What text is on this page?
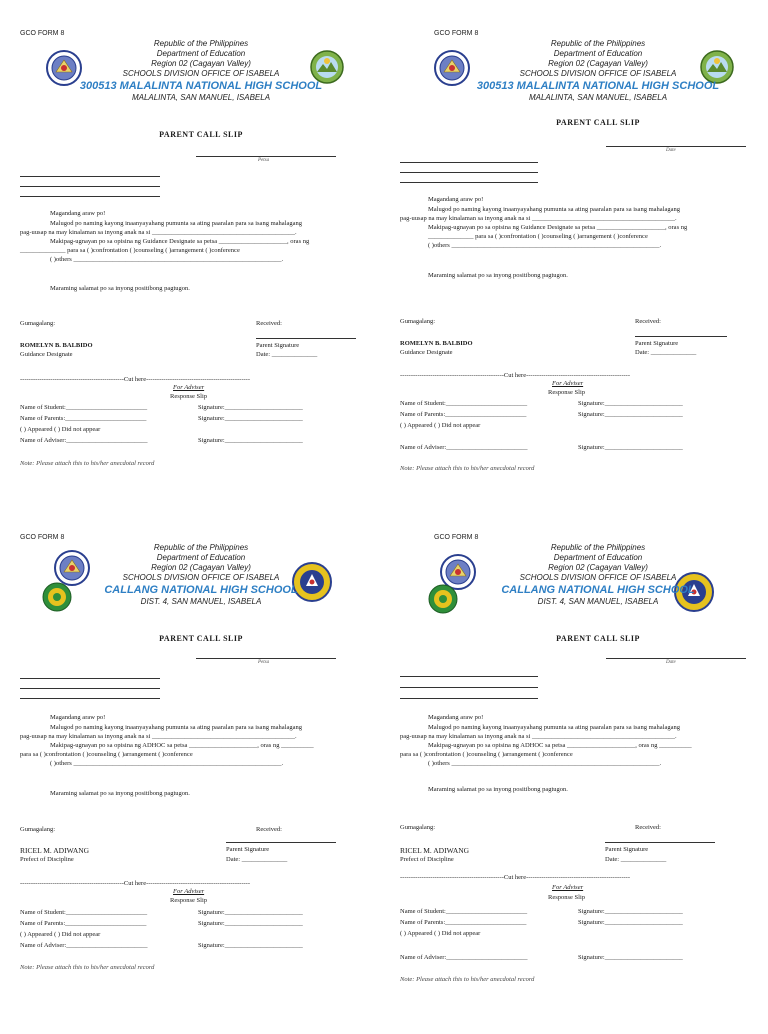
GCO FORM 8
Republic of the Philippines
Department of Education
Region 02 (Cagayan Valley)
SCHOOLS DIVISION OFFICE OF ISABELA
300513 MALALINTA NATIONAL HIGH SCHOOL
MALALINTA, SAN MANUEL, ISABELA
PARENT CALL SLIP
Petsa
Magandang araw po!
Malugod po naming kayong inaanyayahang pumunta sa ating paaralan para sa isang mahalagang
pag-uusap na may kinalaman sa inyong anak na si ____________________________________________.
Makipag-ugnayan po sa opisina ng Guidance Designate sa petsa _____________________, oras ng
______________ para sa ( )confrontation ( )counseling ( )arrangement ( )conference
( )others ________________________________________________________________.
Maraming salamat po sa inyong positibong pagtugon.
Gumagalang:	Received:
ROMELYN B. BALBIDO	Parent Signature
Guidance Designate	Date: ______________
------------------------------------------------Cut here------------------------------------------------
For Adviser
Response Slip
Name of Student:_________________________	Signature:________________________
Name of Parents:_________________________	Signature:________________________
( ) Appeared ( ) Did not appear
Name of Adviser:_________________________	Signature:________________________
Note: Please attach this to his/her anecdotal record
GCO FORM 8
Republic of the Philippines
Department of Education
Region 02 (Cagayan Valley)
SCHOOLS DIVISION OFFICE OF ISABELA
300513 MALALINTA NATIONAL HIGH SCHOOL
MALALINTA, SAN MANUEL, ISABELA
PARENT CALL SLIP
Date
Magandang araw po!
Malugod po naming kayong inaanyayahang pumunta sa ating paaralan para sa isang mahalagang
pag-uusap na may kinalaman sa inyong anak na si ____________________________________________.
Makipag-ugnayan po sa opisina ng Guidance Designate sa petsa _____________________, oras ng
______________ para sa ( )confrontation ( )counseling ( )arrangement ( )conference
( )others ________________________________________________________________.
Maraming salamat po sa inyong positibong pagtugon.
Gumagalang:	Received:
ROMELYN B. BALBIDO	Parent Signature
Guidance Designate	Date: ______________
------------------------------------------------Cut here------------------------------------------------
For Adviser
Response Slip
Name of Student:_________________________	Signature:________________________
Name of Parents:_________________________	Signature:________________________
( ) Appeared ( ) Did not appear
Name of Adviser:_________________________	Signature:________________________
Note: Please attach this to his/her anecdotal record
GCO FORM 8
Republic of the Philippines
Department of Education
Region 02 (Cagayan Valley)
SCHOOLS DIVISION OFFICE OF ISABELA
CALLANG NATIONAL HIGH SCHOOL
DIST. 4, SAN MANUEL, ISABELA
PARENT CALL SLIP
Petsa
Magandang araw po!
Malugod po naming kayong inaanyayahang pumunta sa ating paaralan para sa isang mahalagang
pag-uusap na may kinalaman sa inyong anak na si ____________________________________________.
Makipag-ugnayan po sa opisina ng ADHOC sa petsa _____________________, oras ng __________
para sa ( )confrontation ( )counseling ( )arrangement ( )conference
( )others ________________________________________________________________.
Maraming salamat po sa inyong positibong pagtugon.
Gumagalang:	Received:
RICEL M. ADIWANG	Parent Signature
Prefect of Discipline	Date: ______________
------------------------------------------------Cut here------------------------------------------------
For Adviser
Response Slip
Name of Student:_________________________	Signature:________________________
Name of Parents:_________________________	Signature:________________________
( ) Appeared ( ) Did not appear
Name of Adviser:_________________________	Signature:________________________
Note: Please attach this to his/her anecdotal record
GCO FORM 8
Republic of the Philippines
Department of Education
Region 02 (Cagayan Valley)
SCHOOLS DIVISION OFFICE OF ISABELA
CALLANG NATIONAL HIGH SCHOOL
DIST. 4, SAN MANUEL, ISABELA
PARENT CALL SLIP
Date
Magandang araw po!
Malugod po naming kayong inaanyayahang pumunta sa ating paaralan para sa isang mahalagang
pag-uusap na may kinalaman sa inyong anak na si ____________________________________________.
Makipag-ugnayan po sa opisina ng ADHOC sa petsa _____________________, oras ng __________
para sa ( )confrontation ( )counseling ( )arrangement ( )conference
( )others ________________________________________________________________.
Maraming salamat po sa inyong positibong pagtugon.
Gumagalang:	Received:
RICEL M. ADIWANG	Parent Signature
Prefect of Discipline	Date: ______________
------------------------------------------------Cut here------------------------------------------------
For Adviser
Response Slip
Name of Student:_________________________	Signature:________________________
Name of Parents:_________________________	Signature:________________________
( ) Appeared ( ) Did not appear
Name of Adviser:_________________________	Signature:________________________
Note: Please attach this to his/her anecdotal record
